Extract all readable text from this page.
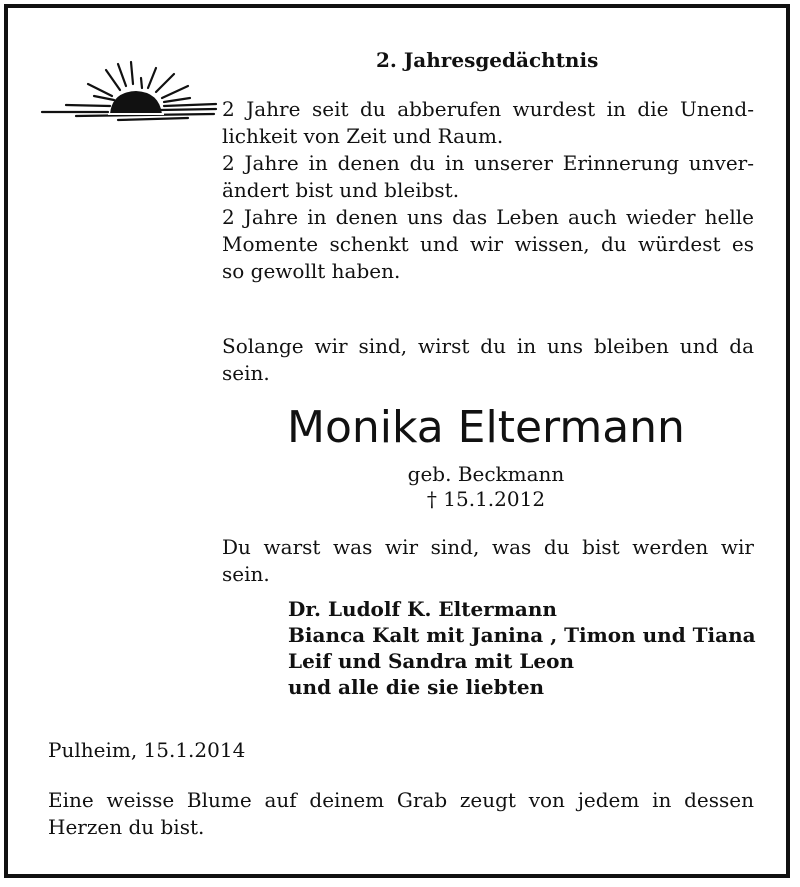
2. Jahresgedächtnis
2 Jahre seit du abberufen wurdest in die Unend-
lichkeit von Zeit und Raum.
2 Jahre in denen du in unserer Erinnerung unver-
ändert bist und bleibst.
2 Jahre in denen uns das Leben auch wieder helle
Momente schenkt und wir wissen, du würdest es
so gewollt haben.
Solange wir sind, wirst du in uns bleiben und da
sein.
Monika Eltermann
geb. Beckmann
† 15.1.2012
Du warst was wir sind, was du bist werden wir
sein.
Dr. Ludolf K. Eltermann
Bianca Kalt mit Janina , Timon und Tiana
Leif und Sandra mit Leon
und alle die sie liebten
Pulheim, 15.1.2014
Eine weisse Blume auf deinem Grab zeugt von jedem in dessen
Herzen du bist.
